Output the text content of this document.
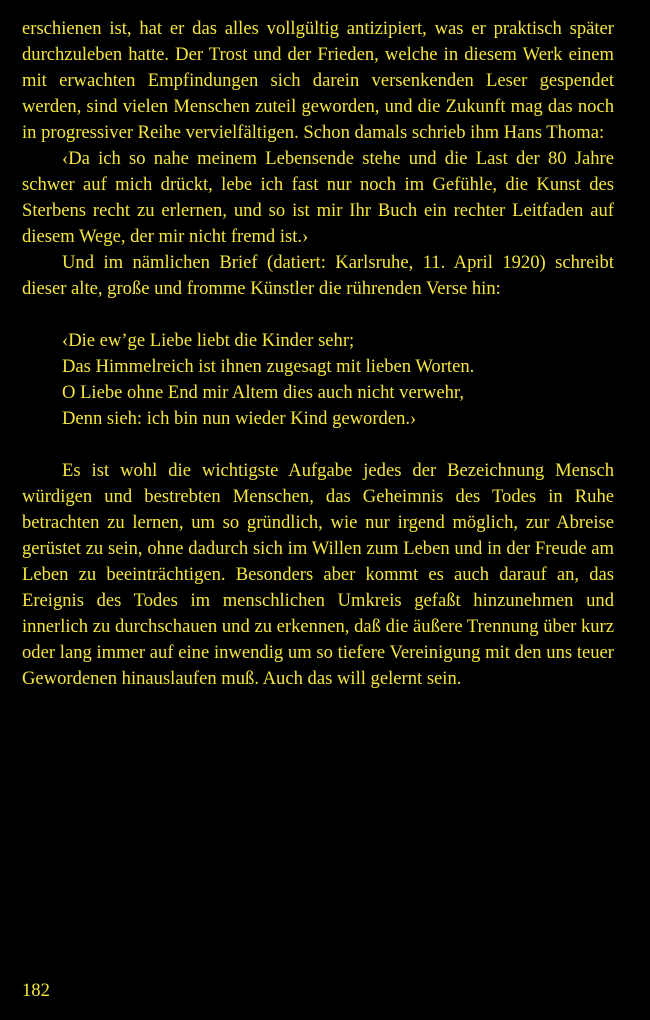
erschienen ist, hat er das alles vollgültig antizipiert, was er praktisch später durchzuleben hatte. Der Trost und der Frieden, welche in diesem Werk einem mit erwachten Empfindungen sich darein versenkenden Leser gespendet werden, sind vielen Menschen zuteil geworden, und die Zukunft mag das noch in progressiver Reihe vervielfältigen. Schon damals schrieb ihm Hans Thoma:

‹Da ich so nahe meinem Lebensende stehe und die Last der 80 Jahre schwer auf mich drückt, lebe ich fast nur noch im Gefühle, die Kunst des Sterbens recht zu erlernen, und so ist mir Ihr Buch ein rechter Leitfaden auf diesem Wege, der mir nicht fremd ist.›

Und im nämlichen Brief (datiert: Karlsruhe, 11. April 1920) schreibt dieser alte, große und fromme Künstler die rührenden Verse hin:

‹Die ew’ge Liebe liebt die Kinder sehr;
Das Himmelreich ist ihnen zugesagt mit lieben Worten.
O Liebe ohne End mir Altem dies auch nicht verwehr,
Denn sieh: ich bin nun wieder Kind geworden.›

Es ist wohl die wichtigste Aufgabe jedes der Bezeichnung Mensch würdigen und bestrebten Menschen, das Geheimnis des Todes in Ruhe betrachten zu lernen, um so gründlich, wie nur irgend möglich, zur Abreise gerüstet zu sein, ohne dadurch sich im Willen zum Leben und in der Freude am Leben zu beeinträchtigen. Besonders aber kommt es auch darauf an, das Ereignis des Todes im menschlichen Umkreis gefaßt hinzunehmen und innerlich zu durchschauen und zu erkennen, daß die äußere Trennung über kurz oder lang immer auf eine inwendig um so tiefere Vereinigung mit den uns teuer Gewordenen hinauslaufen muß. Auch das will gelernt sein.

182
